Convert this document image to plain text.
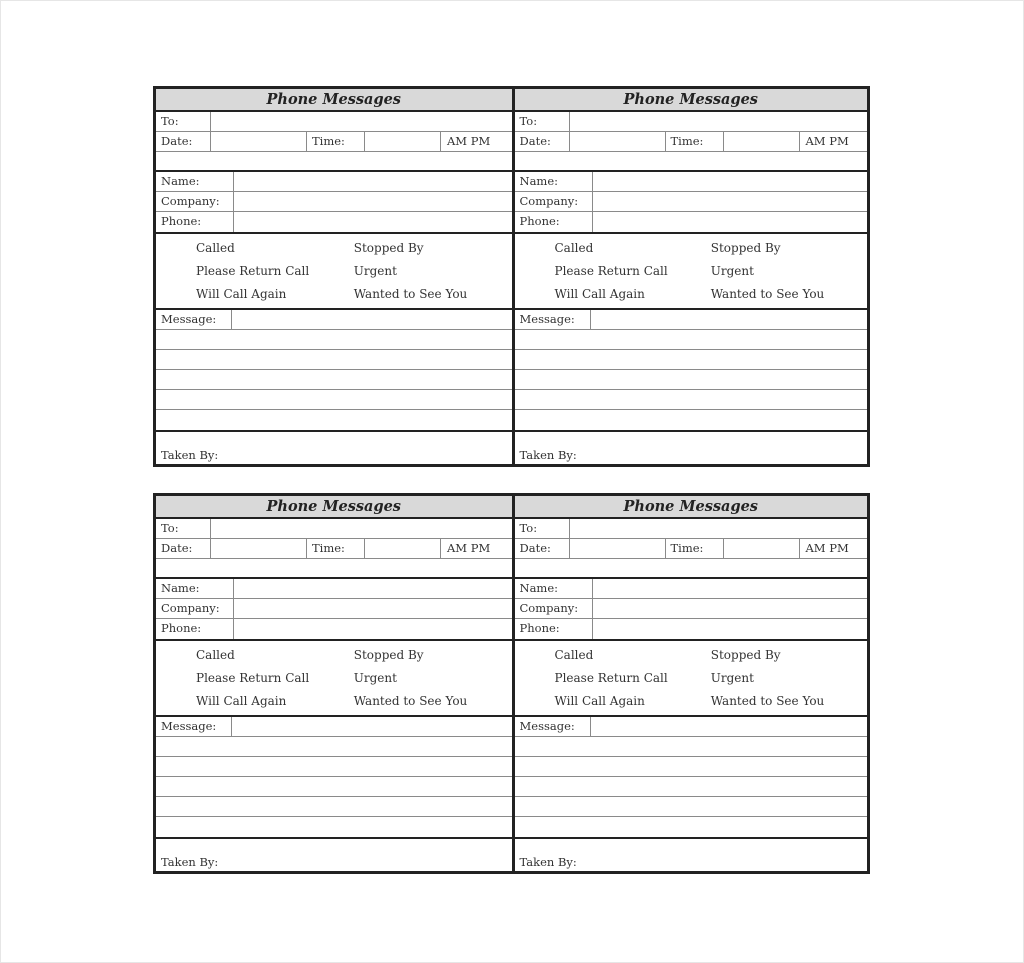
Phone Messages
To:
Date:	Time:	AM PM
Name:
Company:
Phone:
Called	Stopped By
Please Return Call	Urgent
Will Call Again	Wanted to See You
Message:
Taken By:
Phone Messages
To:
Date:	Time:	AM PM
Name:
Company:
Phone:
Called	Stopped By
Please Return Call	Urgent
Will Call Again	Wanted to See You
Message:
Taken By:
Phone Messages
To:
Date:	Time:	AM PM
Name:
Company:
Phone:
Called	Stopped By
Please Return Call	Urgent
Will Call Again	Wanted to See You
Message:
Taken By:
Phone Messages
To:
Date:	Time:	AM PM
Name:
Company:
Phone:
Called	Stopped By
Please Return Call	Urgent
Will Call Again	Wanted to See You
Message:
Taken By:
